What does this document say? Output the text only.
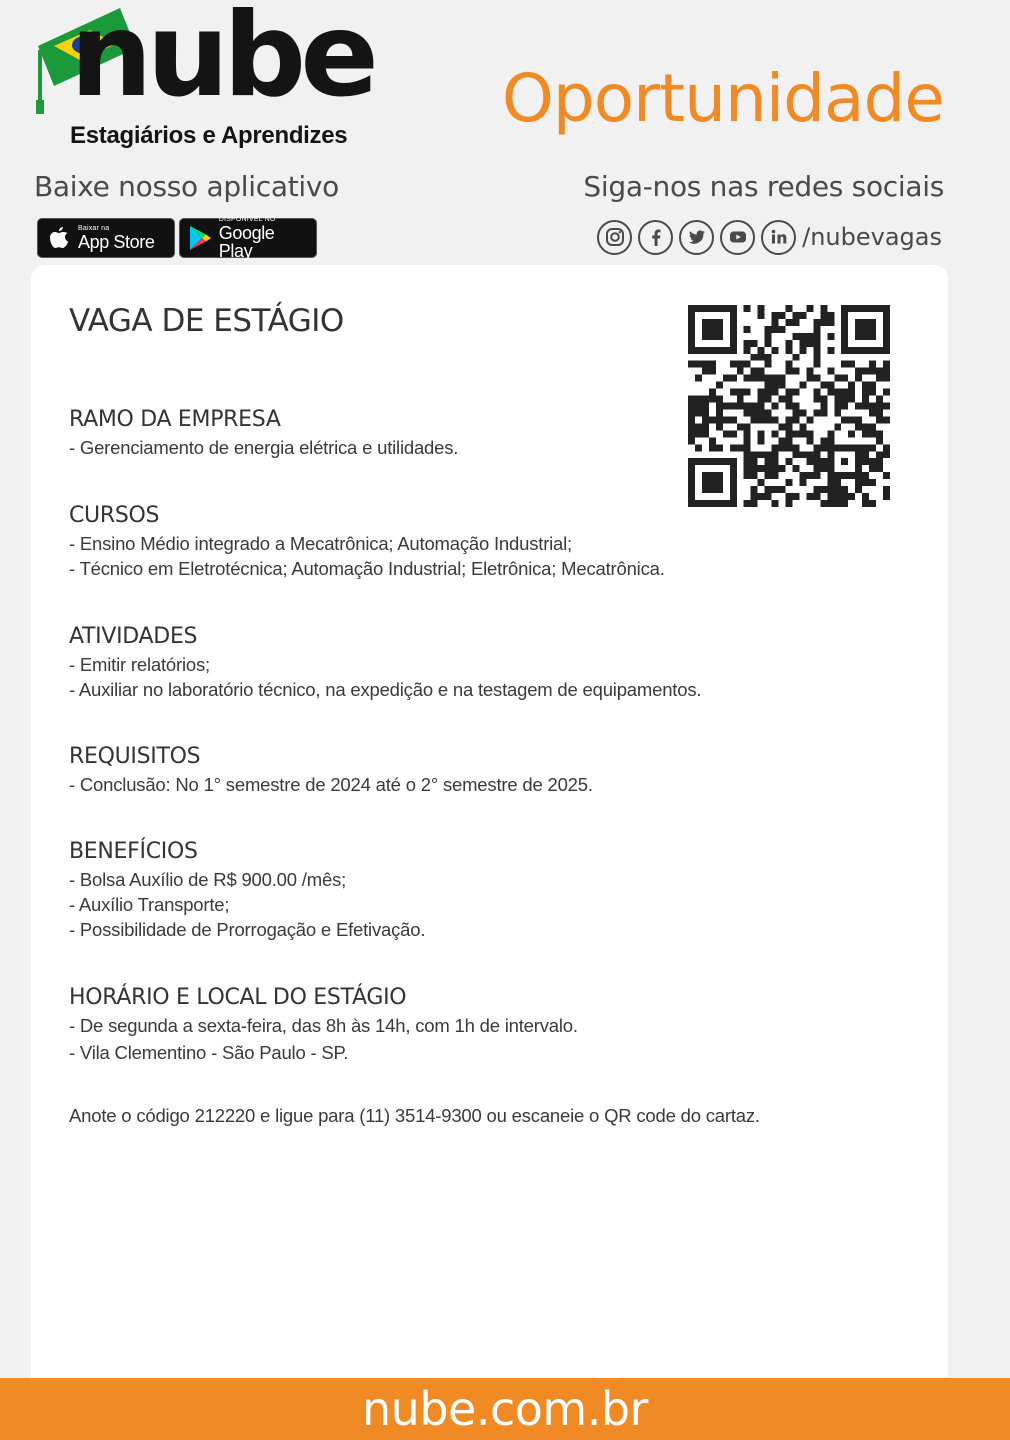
nube
Estagiários e Aprendizes Oportunidade
Baixe nosso aplicativo	Siga-nos nas redes sociais
Baixar na
App Store
DISPONÍVEL NO
Google Play	/nubevagas
VAGA DE ESTÁGIO
RAMO DA EMPRESA

- Gerenciamento de energia elétrica e utilidades.

CURSOS

- Ensino Médio integrado a Mecatrônica; Automação Industrial;

- Técnico em Eletrotécnica; Automação Industrial; Eletrônica; Mecatrônica.

ATIVIDADES

- Emitir relatórios;

- Auxiliar no laboratório técnico, na expedição e na testagem de equipamentos.

REQUISITOS

- Conclusão: No 1° semestre de 2024 até o 2° semestre de 2025.

BENEFÍCIOS

- Bolsa Auxílio de R$ 900.00 /mês;

- Auxílio Transporte;

- Possibilidade de Prorrogação e Efetivação.

HORÁRIO E LOCAL DO ESTÁGIO

- De segunda a sexta-feira, das 8h às 14h, com 1h de intervalo.

- Vila Clementino - São Paulo - SP.

Anote o código 212220 e ligue para (11) 3514-9300 ou escaneie o QR code do cartaz.
nube.com.br
